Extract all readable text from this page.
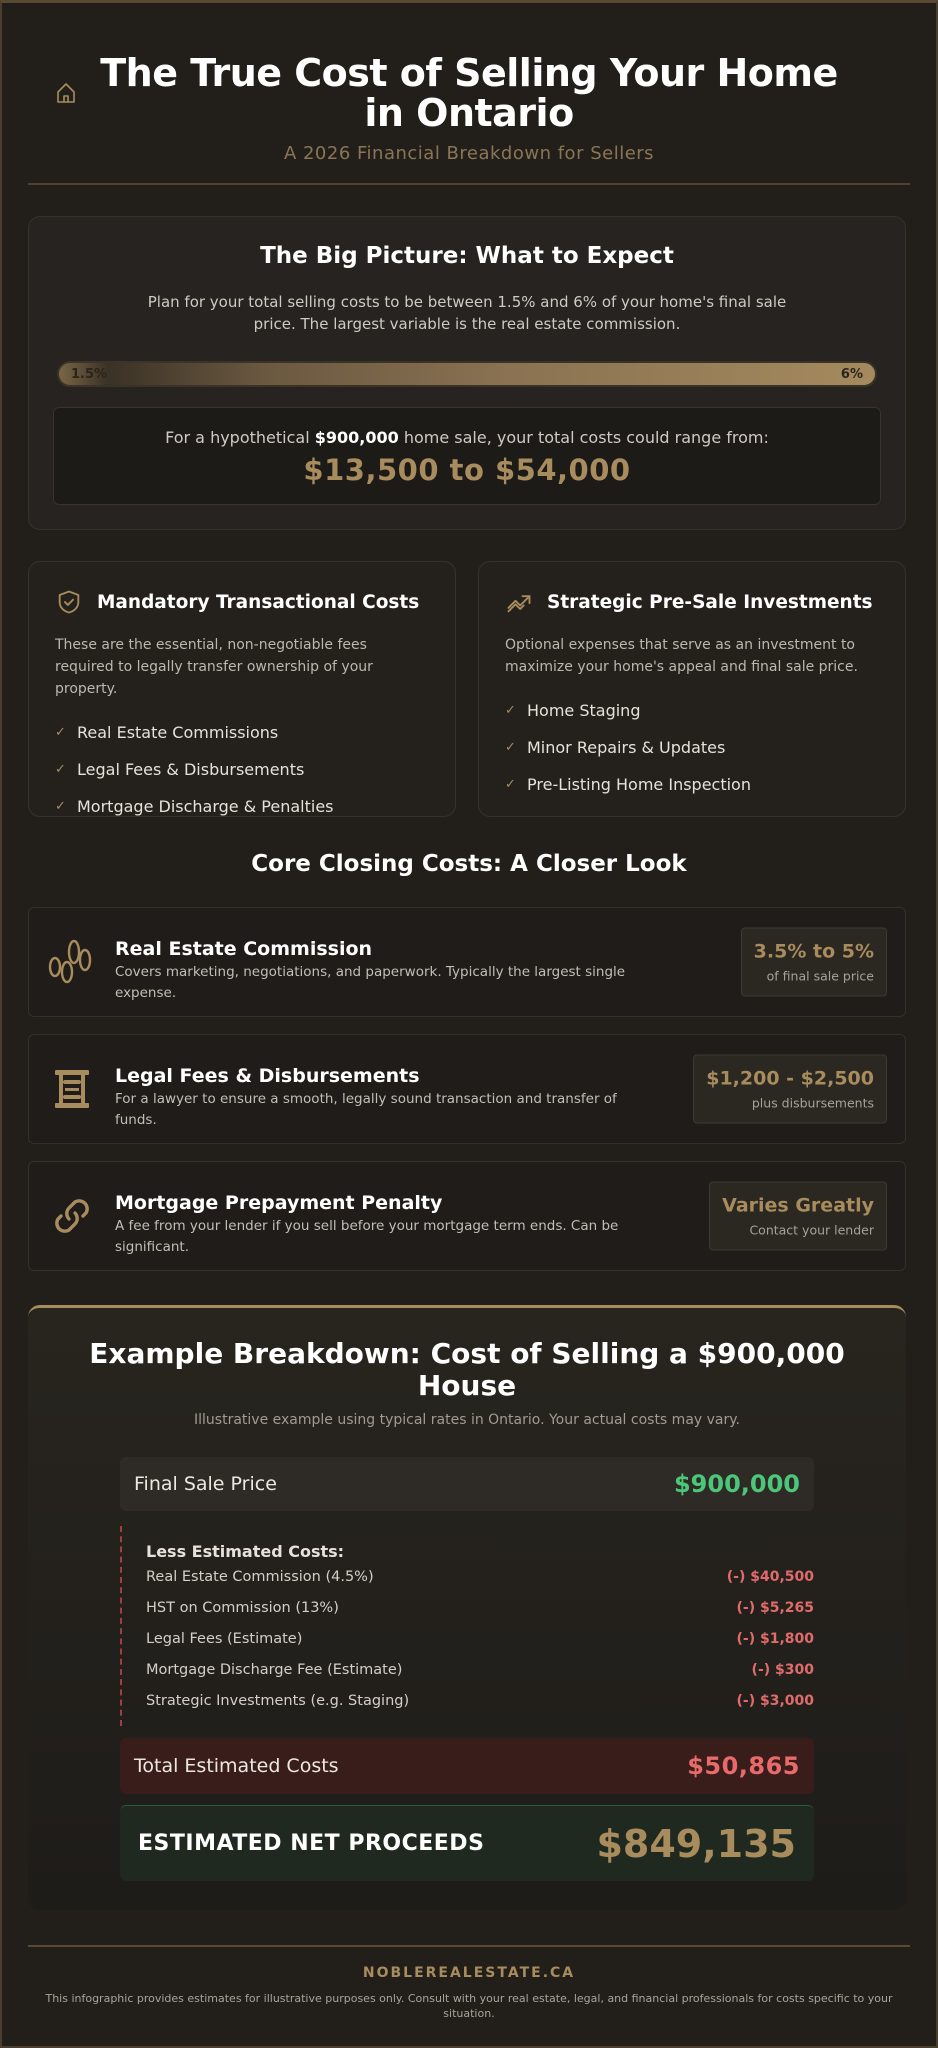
The True Cost of Selling Your Home in Ontario
A 2026 Financial Breakdown for Sellers
The Big Picture: What to Expect

Plan for your total selling costs to be between 1.5% and 6% of your home's final sale price. The largest variable is the real estate commission.

1.5%	6%
For a hypothetical $900,000 home sale, your total costs could range from:
$13,500 to $54,000
Mandatory Transactional Costs

These are the essential, non-negotiable fees required to legally transfer ownership of your property.

✓ Real Estate Commissions
✓ Legal Fees & Disbursements
✓ Mortgage Discharge & Penalties
Strategic Pre-Sale Investments

Optional expenses that serve as an investment to maximize your home's appeal and final sale price.

✓ Home Staging
✓ Minor Repairs & Updates
✓ Pre-Listing Home Inspection
Core Closing Costs: A Closer Look
Real Estate Commission
Covers marketing, negotiations, and paperwork. Typically the largest single expense.
3.5% to 5%
of final sale price
Legal Fees & Disbursements
For a lawyer to ensure a smooth, legally sound transaction and transfer of funds.
$1,200 - $2,500
plus disbursements
Mortgage Prepayment Penalty
A fee from your lender if you sell before your mortgage term ends. Can be significant.
Varies Greatly
Contact your lender
Example Breakdown: Cost of Selling a $900,000 House

Illustrative example using typical rates in Ontario. Your actual costs may vary.

Final Sale Price	$900,000
Less Estimated Costs:
Real Estate Commission (4.5%)	(-) $40,500
HST on Commission (13%)	(-) $5,265
Legal Fees (Estimate)	(-) $1,800
Mortgage Discharge Fee (Estimate)	(-) $300
Strategic Investments (e.g. Staging)	(-) $3,000
Total Estimated Costs	$50,865
ESTIMATED NET PROCEEDS	$849,135
NOBLEREALESTATE.CA

This infographic provides estimates for illustrative purposes only. Consult with your real estate, legal, and financial professionals for costs specific to your situation.
